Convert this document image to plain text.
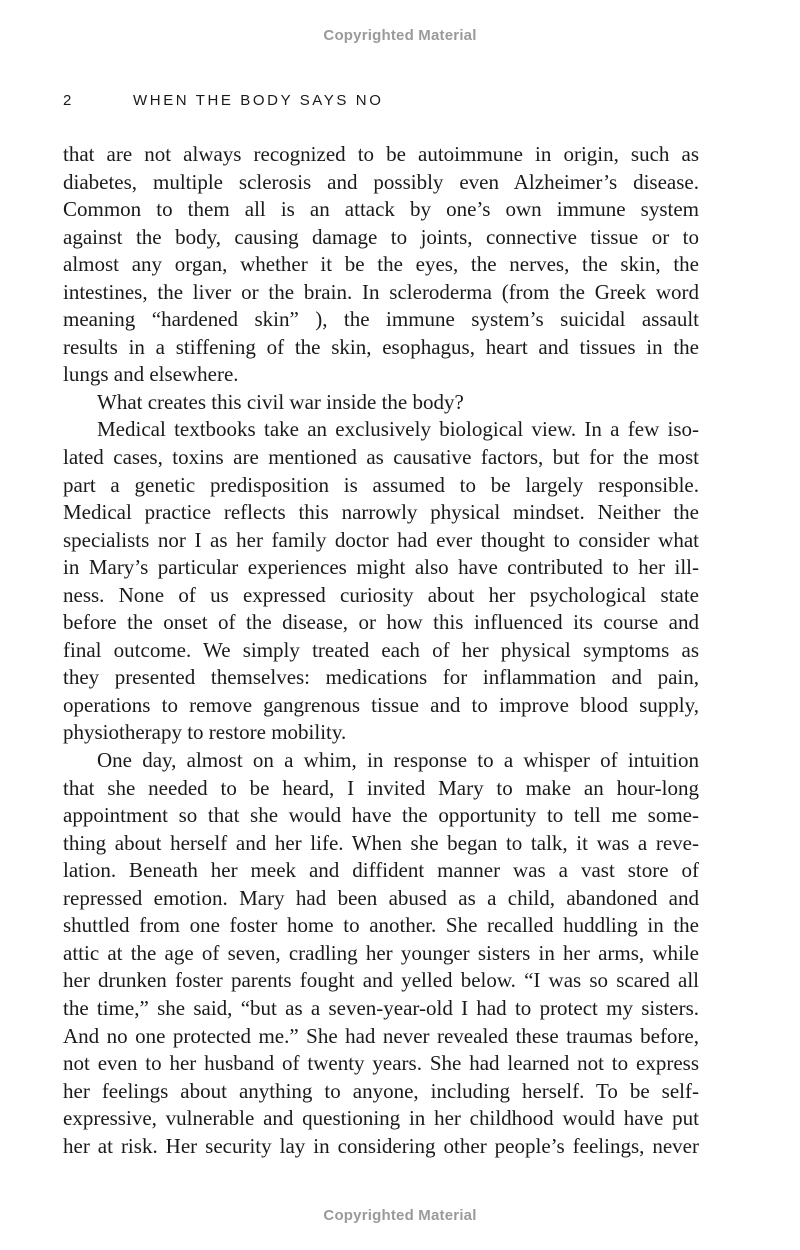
Copyrighted Material
2	WHEN THE BODY SAYS NO
that are not always recognized to be autoimmune in origin, such as
diabetes, multiple sclerosis and possibly even Alzheimer’s disease.
Common to them all is an attack by one’s own immune system
against the body, causing damage to joints, connective tissue or to
almost any organ, whether it be the eyes, the nerves, the skin, the
intestines, the liver or the brain. In scleroderma (from the Greek word
meaning “hardened skin” ), the immune system’s suicidal assault
results in a stiffening of the skin, esophagus, heart and tissues in the
lungs and elsewhere.
What creates this civil war inside the body?
Medical textbooks take an exclusively biological view. In a few iso-
lated cases, toxins are mentioned as causative factors, but for the most
part a genetic predisposition is assumed to be largely responsible.
Medical practice reflects this narrowly physical mindset. Neither the
specialists nor I as her family doctor had ever thought to consider what
in Mary’s particular experiences might also have contributed to her ill-
ness. None of us expressed curiosity about her psychological state
before the onset of the disease, or how this influenced its course and
final outcome. We simply treated each of her physical symptoms as
they presented themselves: medications for inflammation and pain,
operations to remove gangrenous tissue and to improve blood supply,
physiotherapy to restore mobility.
One day, almost on a whim, in response to a whisper of intuition
that she needed to be heard, I invited Mary to make an hour-long
appointment so that she would have the opportunity to tell me some-
thing about herself and her life. When she began to talk, it was a reve-
lation. Beneath her meek and diffident manner was a vast store of
repressed emotion. Mary had been abused as a child, abandoned and
shuttled from one foster home to another. She recalled huddling in the
attic at the age of seven, cradling her younger sisters in her arms, while
her drunken foster parents fought and yelled below. “I was so scared all
the time,” she said, “but as a seven-year-old I had to protect my sisters.
And no one protected me.” She had never revealed these traumas before,
not even to her husband of twenty years. She had learned not to express
her feelings about anything to anyone, including herself. To be self-
expressive, vulnerable and questioning in her childhood would have put
her at risk. Her security lay in considering other people’s feelings, never
Copyrighted Material
